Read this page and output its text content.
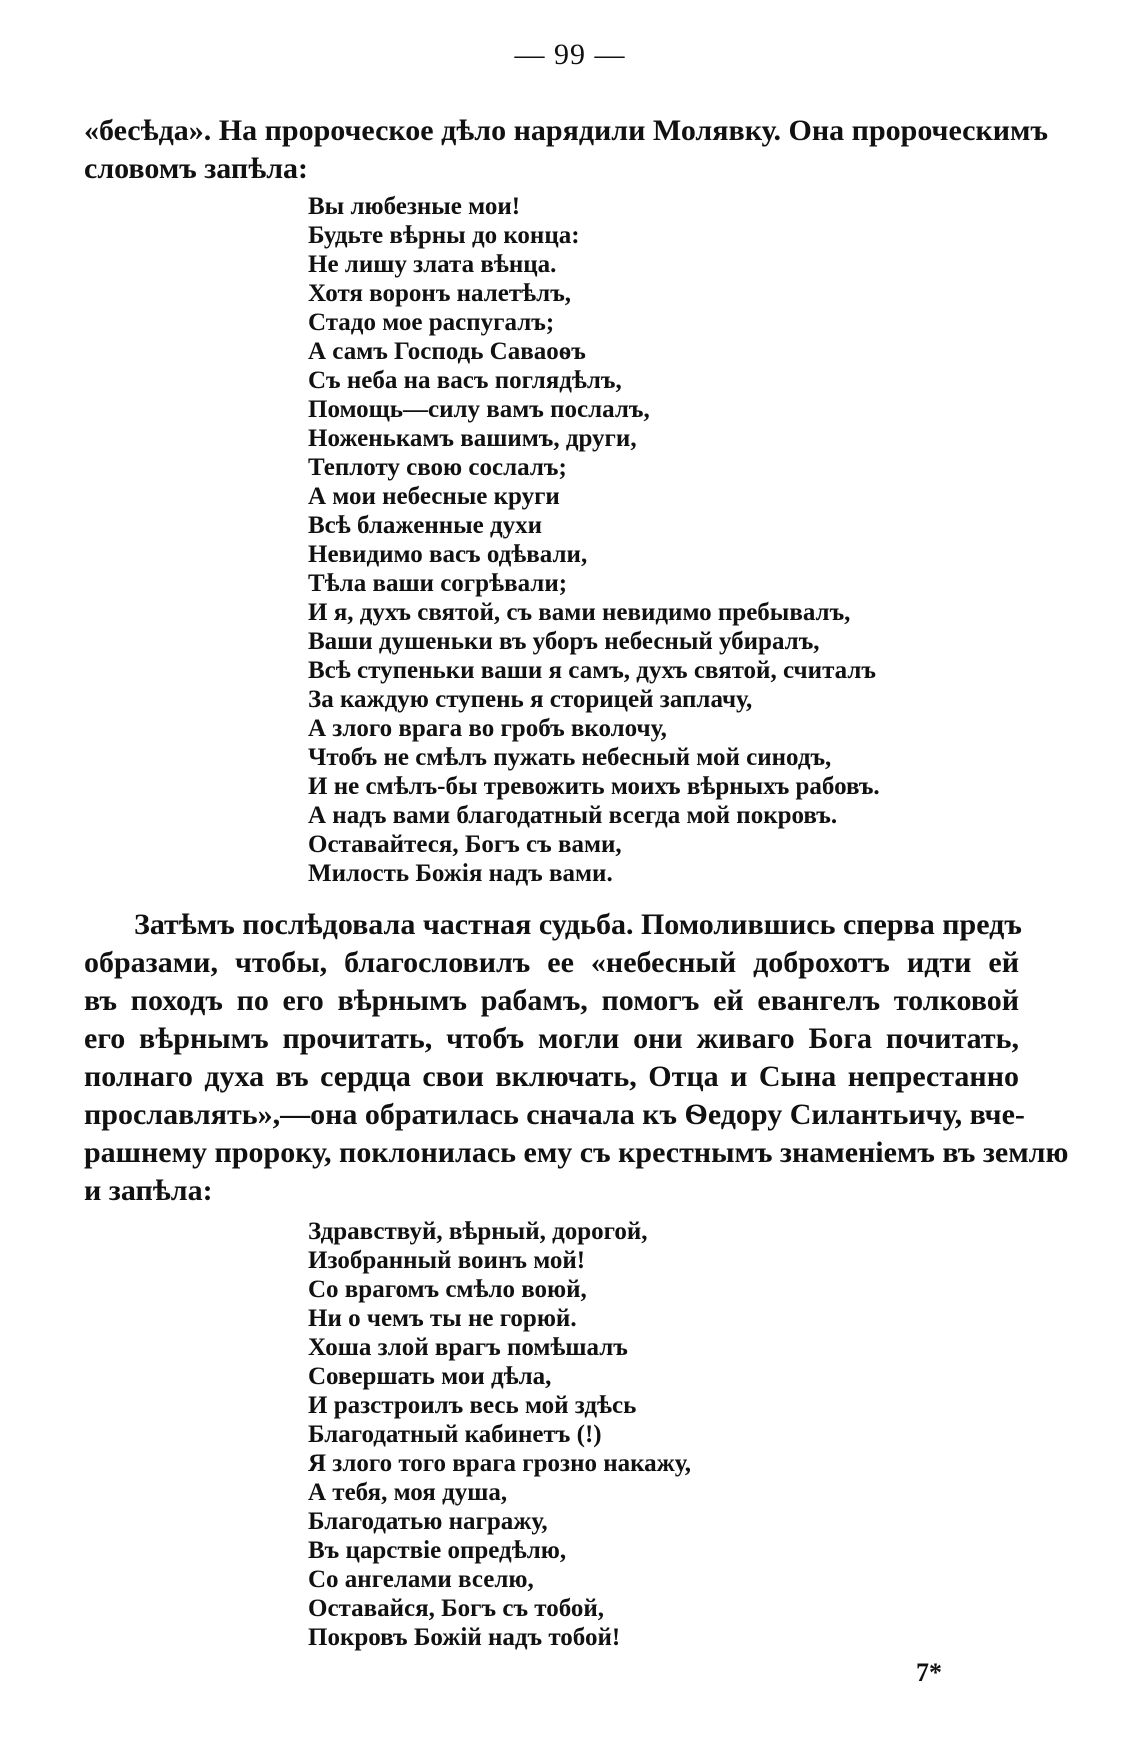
— 99 —
«бесѣда». На пророческое дѣло нарядили Молявку. Она пророческимъ
словомъ запѣла:
Вы любезные мои!
Будьте вѣрны до конца:
Не лишу злата вѣнца.
Хотя воронъ налетѣлъ,
Стадо мое распугалъ;
А самъ Господь Саваоѳъ
Съ неба на васъ поглядѣлъ,
Помощь—силу вамъ послалъ,
Ноженькамъ вашимъ, други,
Теплоту свою сослалъ;
А мои небесные круги
Всѣ блаженные духи
Невидимо васъ одѣвали,
Тѣла ваши согрѣвали;
И я, духъ святой, съ вами невидимо пребывалъ,
Ваши душеньки въ уборъ небесный убиралъ,
Всѣ ступеньки ваши я самъ, духъ святой, считалъ
За каждую ступень я сторицей заплачу,
А злого врага во гробъ вколочу,
Чтобъ не смѣлъ пужать небесный мой синодъ,
И не смѣлъ-бы тревожить моихъ вѣрныхъ рабовъ.
А надъ вами благодатный всегда мой покровъ.
Оставайтеся, Богъ съ вами,
Милость Божія надъ вами.
Затѣмъ послѣдовала частная судьба. Помолившись сперва предъ
образами, чтобы, благословилъ ее «небесный доброхотъ идти ей
въ походъ по его вѣрнымъ рабамъ, помогъ ей евангелъ толковой
его вѣрнымъ прочитать, чтобъ могли они живаго Бога почитать,
полнаго духа въ сердца свои включать, Отца и Сына непрестанно
прославлять»,—она обратилась сначала къ Ѳедору Силантьичу, вче-
рашнему пророку, поклонилась ему съ крестнымъ знаменіемъ въ землю
и запѣла:
Здравствуй, вѣрный, дорогой,
Изобранный воинъ мой!
Со врагомъ смѣло воюй,
Ни о чемъ ты не горюй.
Хоша злой врагъ помѣшалъ
Совершать мои дѣла,
И разстроилъ весь мой здѣсь
Благодатный кабинетъ (!)
Я злого того врага грозно накажу,
А тебя, моя душа,
Благодатью награжу,
Въ царствіе опредѣлю,
Со ангелами вселю,
Оставайся, Богъ съ тобой,
Покровъ Божій надъ тобой!
7*
